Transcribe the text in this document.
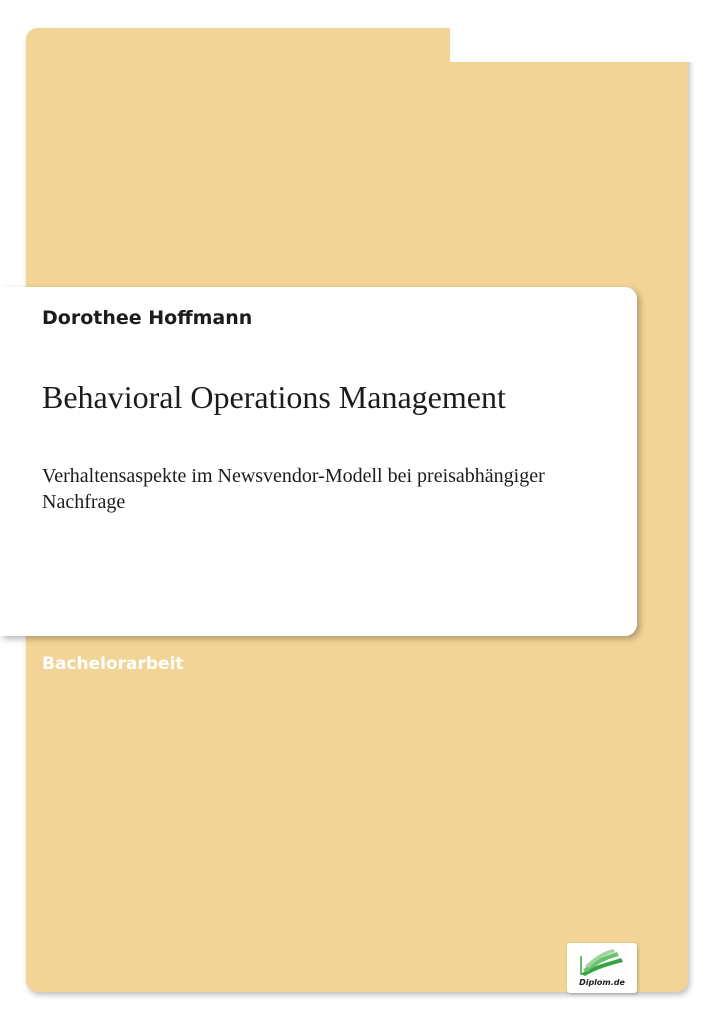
Dorothee Hoffmann
Behavioral Operations Management
Verhaltensaspekte im Newsvendor-Modell bei preisabhängiger Nachfrage
Bachelorarbeit
Diplom.de
